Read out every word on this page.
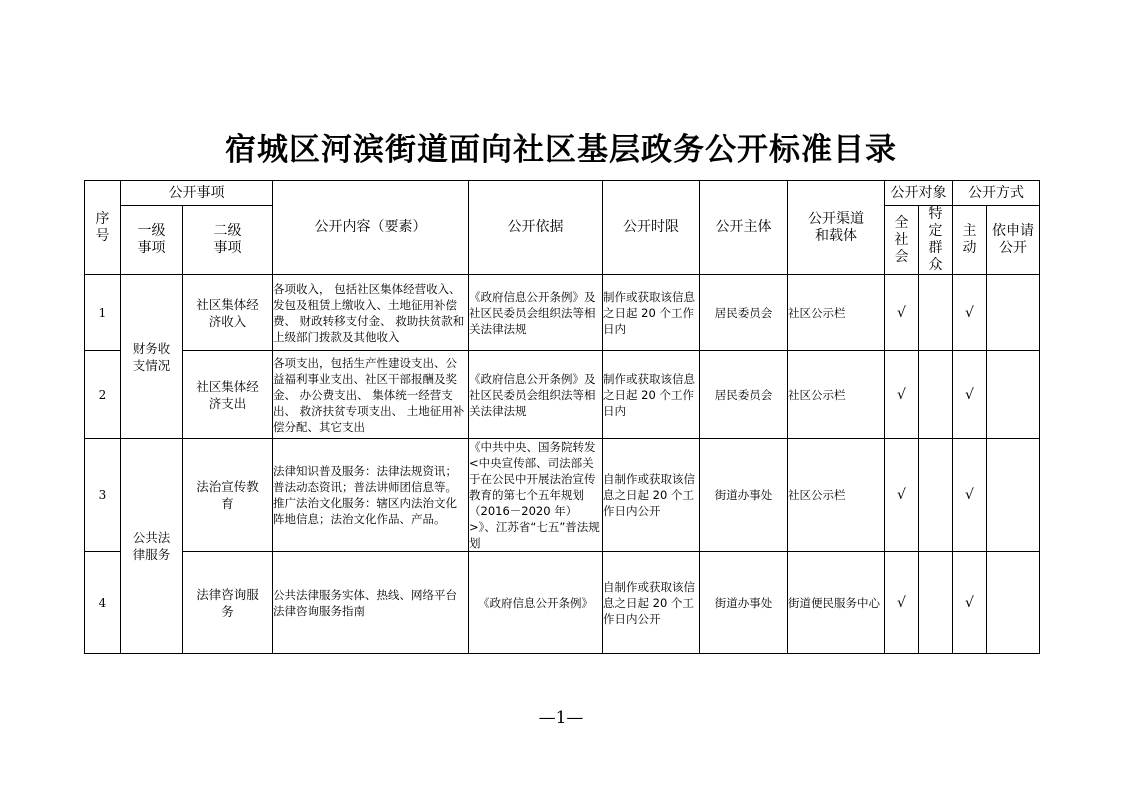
宿城区河滨街道面向社区基层政务公开标准目录
序号	公开事项		公开内容（要素）	公开依据	公开时限	公开主体	公开渠道和载体	公开对象		公开方式	
	一级事项	二级事项						全社会	特定群众	主动	依申请公开
1	财务收支情况	社区集体经济收入	各项收入， 包括社区集体经营收入、发包及租赁上缴收入、土地征用补偿费、 财政转移支付金、 救助扶贫款和上级部门拨款及其他收入	《政府信息公开条例》及社区民委员会组织法等相关法律法规	制作或获取该信息之日起 20 个工作日内	居民委员会	社区公示栏	√		√	
2		社区集体经济支出	各项支出，包括生产性建设支出、公益福利事业支出、社区干部报酬及奖金、 办公费支出、 集体统一经营支出、 救济扶贫专项支出、 土地征用补偿分配、其它支出	《政府信息公开条例》及社区民委员会组织法等相关法律法规	制作或获取该信息之日起 20 个工作日内	居民委员会	社区公示栏	√		√	
3	公共法律服务	法治宣传教育	法律知识普及服务：法律法规资讯；普法动态资讯；普法讲师团信息等。推广法治文化服务：辖区内法治文化阵地信息；法治文化作品、产品。	《中共中央、国务院转发<中央宣传部、司法部关于在公民中开展法治宣传教育的第七个五年规划（2016－2020 年）>》、江苏省“七五”普法规划	自制作或获取该信息之日起 20 个工作日内公开	街道办事处	社区公示栏	√		√	
4		法律咨询服务	公共法律服务实体、热线、网络平台法律咨询服务指南	《政府信息公开条例》	自制作或获取该信息之日起 20 个工作日内公开	街道办事处	街道便民服务中心	√		√	
—1—
